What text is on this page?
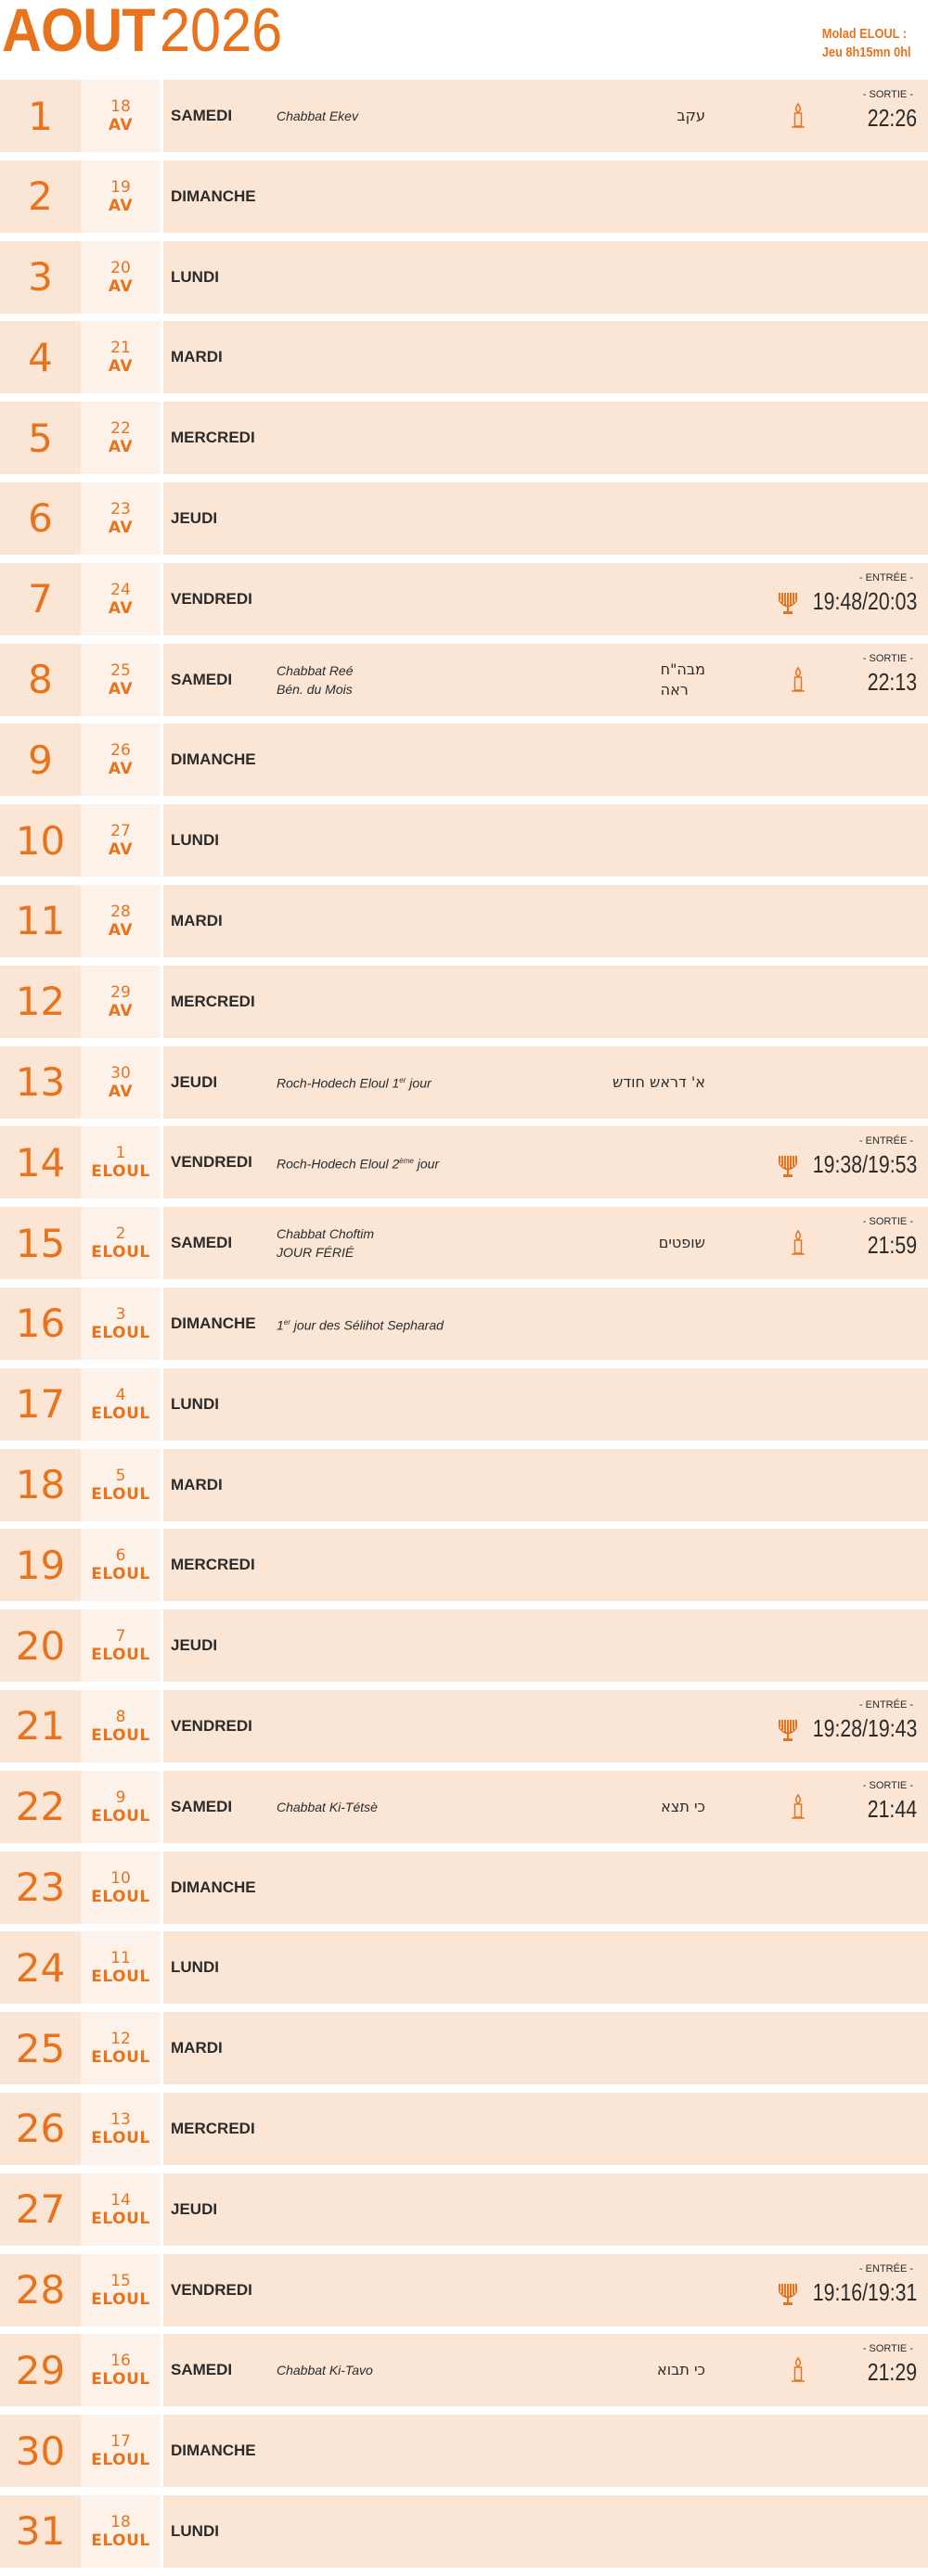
AOUT 2026	Molad ELOUL :
Jeu 8h15mn 0hl
1	18
AV
SAMEDI	Chabbat Ekev	עקב
- SORTIE -
22:26
2	19
AV
DIMANCHE
3	20
AV
LUNDI
4	21
AV
MARDI
5	22
AV
MERCREDI
6	23
AV
JEUDI
7	24
AV
VENDREDI
- ENTRÉE -
19:48/20:03
8	25
AV
SAMEDI	Chabbat Reé
Bén. du Mois
מבה"ח
ראה
- SORTIE -
22:13
9	26
AV
DIMANCHE
10	27
AV
LUNDI
11	28
AV
MARDI
12	29
AV
MERCREDI
13	30
AV
JEUDI	Roch-Hodech Eloul 1er jour	א' דראש חודש
14	1
ELOUL
VENDREDI Roch-Hodech Eloul 2ème jour
- ENTRÉE -
19:38/19:53
15	2
ELOUL
SAMEDI	Chabbat Choftim
JOUR FÉRIÉ
שופטים
- SORTIE -
21:59
16	3
ELOUL
DIMANCHE 1er jour des Sélihot Sepharad
17	4
ELOUL
LUNDI
18	5
ELOUL
MARDI
19	6
ELOUL
MERCREDI
20	7
ELOUL
JEUDI
21	8
ELOUL
VENDREDI
- ENTRÉE -
19:28/19:43
22	9
ELOUL
SAMEDI	Chabbat Ki-Tétsè	כי תצא
- SORTIE -
21:44
23	10
ELOUL
DIMANCHE
24	11
ELOUL
LUNDI
25	12
ELOUL
MARDI
26	13
ELOUL
MERCREDI
27	14
ELOUL
JEUDI
28	15
ELOUL
VENDREDI
- ENTRÉE -
19:16/19:31
29	16
ELOUL
SAMEDI	Chabbat Ki-Tavo	כי תבוא
- SORTIE -
21:29
30	17
ELOUL
DIMANCHE
31	18
ELOUL
LUNDI
